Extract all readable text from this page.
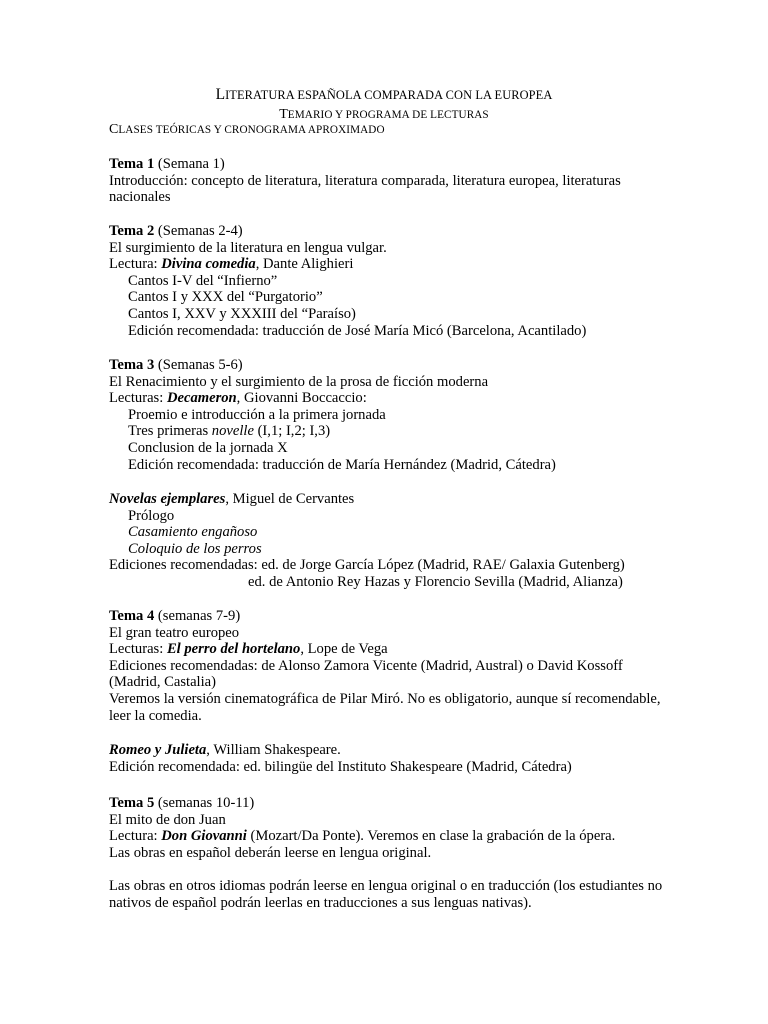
LITERATURA ESPAÑOLA COMPARADA CON LA EUROPEA
TEMARIO Y PROGRAMA DE LECTURAS
CLASES TEÓRICAS Y CRONOGRAMA APROXIMADO
Tema 1 (Semana 1)
Introducción: concepto de literatura, literatura comparada, literatura europea, literaturas nacionales
Tema 2 (Semanas 2-4)
El surgimiento de la literatura en lengua vulgar.
Lectura: Divina comedia, Dante Alighieri
Cantos I-V del “Infierno”
Cantos I y XXX del “Purgatorio”
Cantos I, XXV y XXXIII del “Paraíso)
Edición recomendada: traducción de José María Micó (Barcelona, Acantilado)
Tema 3 (Semanas 5-6)
El Renacimiento y el surgimiento de la prosa de ficción moderna
Lecturas: Decameron, Giovanni Boccaccio:
Proemio e introducción a la primera jornada
Tres primeras novelle (I,1; I,2; I,3)
Conclusion de la jornada X
Edición recomendada: traducción de María Hernández (Madrid, Cátedra)
Novelas ejemplares, Miguel de Cervantes
Prólogo
Casamiento engañoso
Coloquio de los perros
Ediciones recomendadas: ed. de Jorge García López (Madrid, RAE/ Galaxia Gutenberg)
ed. de Antonio Rey Hazas y Florencio Sevilla (Madrid, Alianza)
Tema 4 (semanas 7-9)
El gran teatro europeo
Lecturas: El perro del hortelano, Lope de Vega
Ediciones recomendadas: de Alonso Zamora Vicente (Madrid, Austral) o David Kossoff (Madrid, Castalia)
Veremos la versión cinematográfica de Pilar Miró. No es obligatorio, aunque sí recomendable, leer la comedia.
Romeo y Julieta, William Shakespeare.
Edición recomendada: ed. bilingüe del Instituto Shakespeare (Madrid, Cátedra)
Tema 5 (semanas 10-11)
El mito de don Juan
Lectura: Don Giovanni (Mozart/Da Ponte). Veremos en clase la grabación de la ópera.
Las obras en español deberán leerse en lengua original.
Las obras en otros idiomas podrán leerse en lengua original o en traducción (los estudiantes no nativos de español podrán leerlas en traducciones a sus lenguas nativas).
